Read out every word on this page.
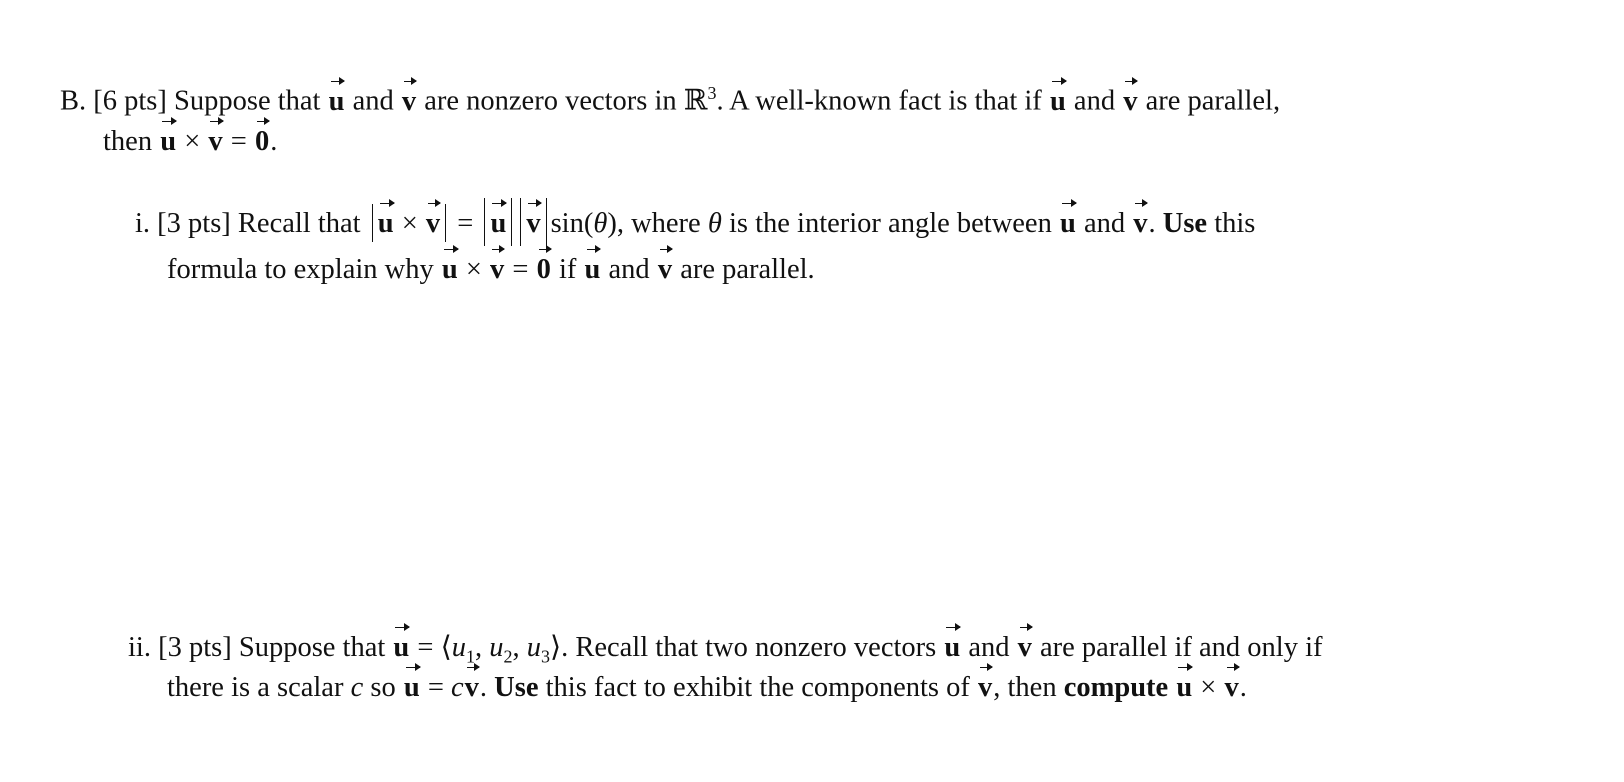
B. [6 pts] Suppose that u and v are nonzero vectors in ℝ$^3$. A well-known fact is that if u and v are parallel,
then u × v = 0.
i. [3 pts] Recall that u × v = u v sin(θ), where θ is the interior angle between u and v. Use this
formula to explain why u × v = 0 if u and v are parallel.
ii. [3 pts] Suppose that $u = ⟨u_1$, $u_2$, $u_3⟩$. Recall that two nonzero vectors u and v are parallel if and only if
there is a scalar c so u = cv. Use this fact to exhibit the components of v, then compute u × v.
